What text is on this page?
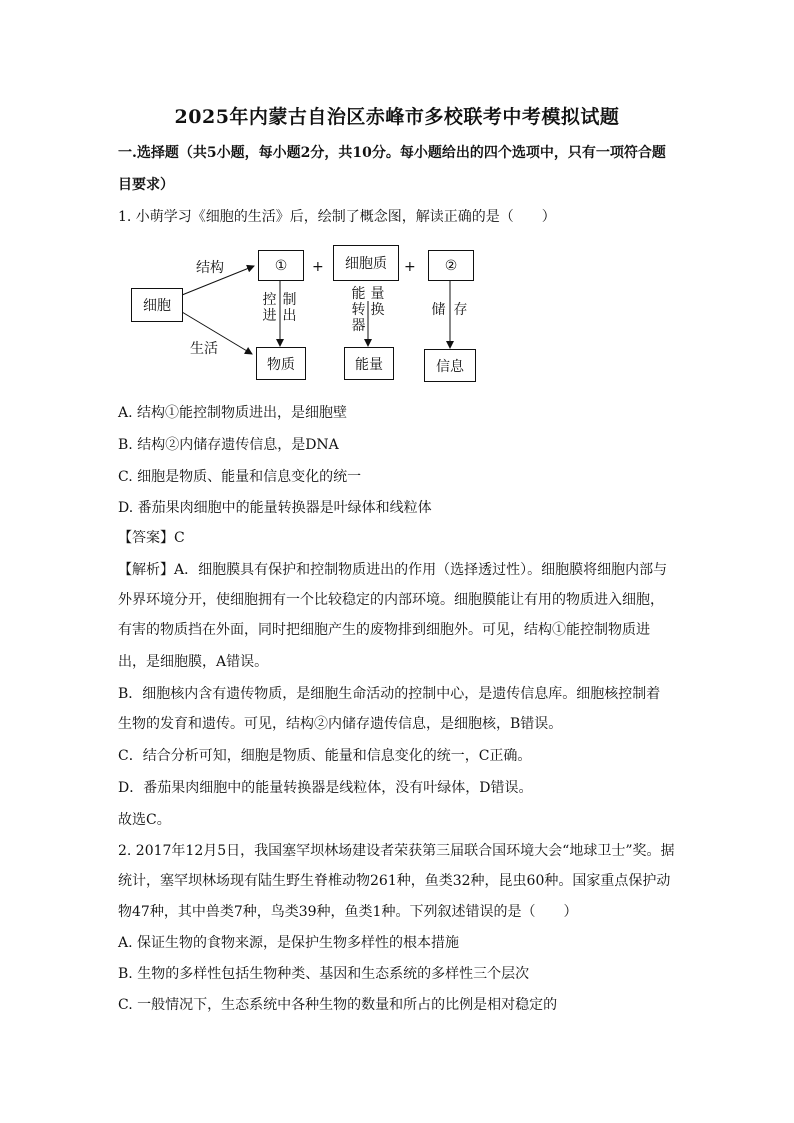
2025年内蒙古自治区赤峰市多校联考中考模拟试题
一.选择题（共5小题，每小题2分，共10分。每小题给出的四个选项中，只有一项符合题
目要求）
1. 小萌学习《细胞的生活》后，绘制了概念图，解读正确的是（　　）
细胞
结构
生活
①	+	细胞质	+	②
控进
制出
能转器
量换	储 存
物质	能量	信息
A. 结构①能控制物质进出，是细胞壁
B. 结构②内储存遗传信息，是DNA
C. 细胞是物质、能量和信息变化的统一
D. 番茄果肉细胞中的能量转换器是叶绿体和线粒体
【答案】C
【解析】A．细胞膜具有保护和控制物质进出的作用（选择透过性）。细胞膜将细胞内部与
外界环境分开，使细胞拥有一个比较稳定的内部环境。细胞膜能让有用的物质进入细胞，
有害的物质挡在外面，同时把细胞产生的废物排到细胞外。可见，结构①能控制物质进
出，是细胞膜，A错误。
B．细胞核内含有遗传物质，是细胞生命活动的控制中心，是遗传信息库。细胞核控制着
生物的发育和遗传。可见，结构②内储存遗传信息，是细胞核，B错误。
C．结合分析可知，细胞是物质、能量和信息变化的统一，C正确。
D．番茄果肉细胞中的能量转换器是线粒体，没有叶绿体，D错误。
故选C。
2. 2017年12月5日，我国塞罕坝林场建设者荣获第三届联合国环境大会“地球卫士”奖。据
统计，塞罕坝林场现有陆生野生脊椎动物261种，鱼类32种，昆虫60种。国家重点保护动
物47种，其中兽类7种，鸟类39种，鱼类1种。下列叙述错误的是（　　）
A. 保证生物的食物来源，是保护生物多样性的根本措施
B. 生物的多样性包括生物种类、基因和生态系统的多样性三个层次
C. 一般情况下，生态系统中各种生物的数量和所占的比例是相对稳定的
